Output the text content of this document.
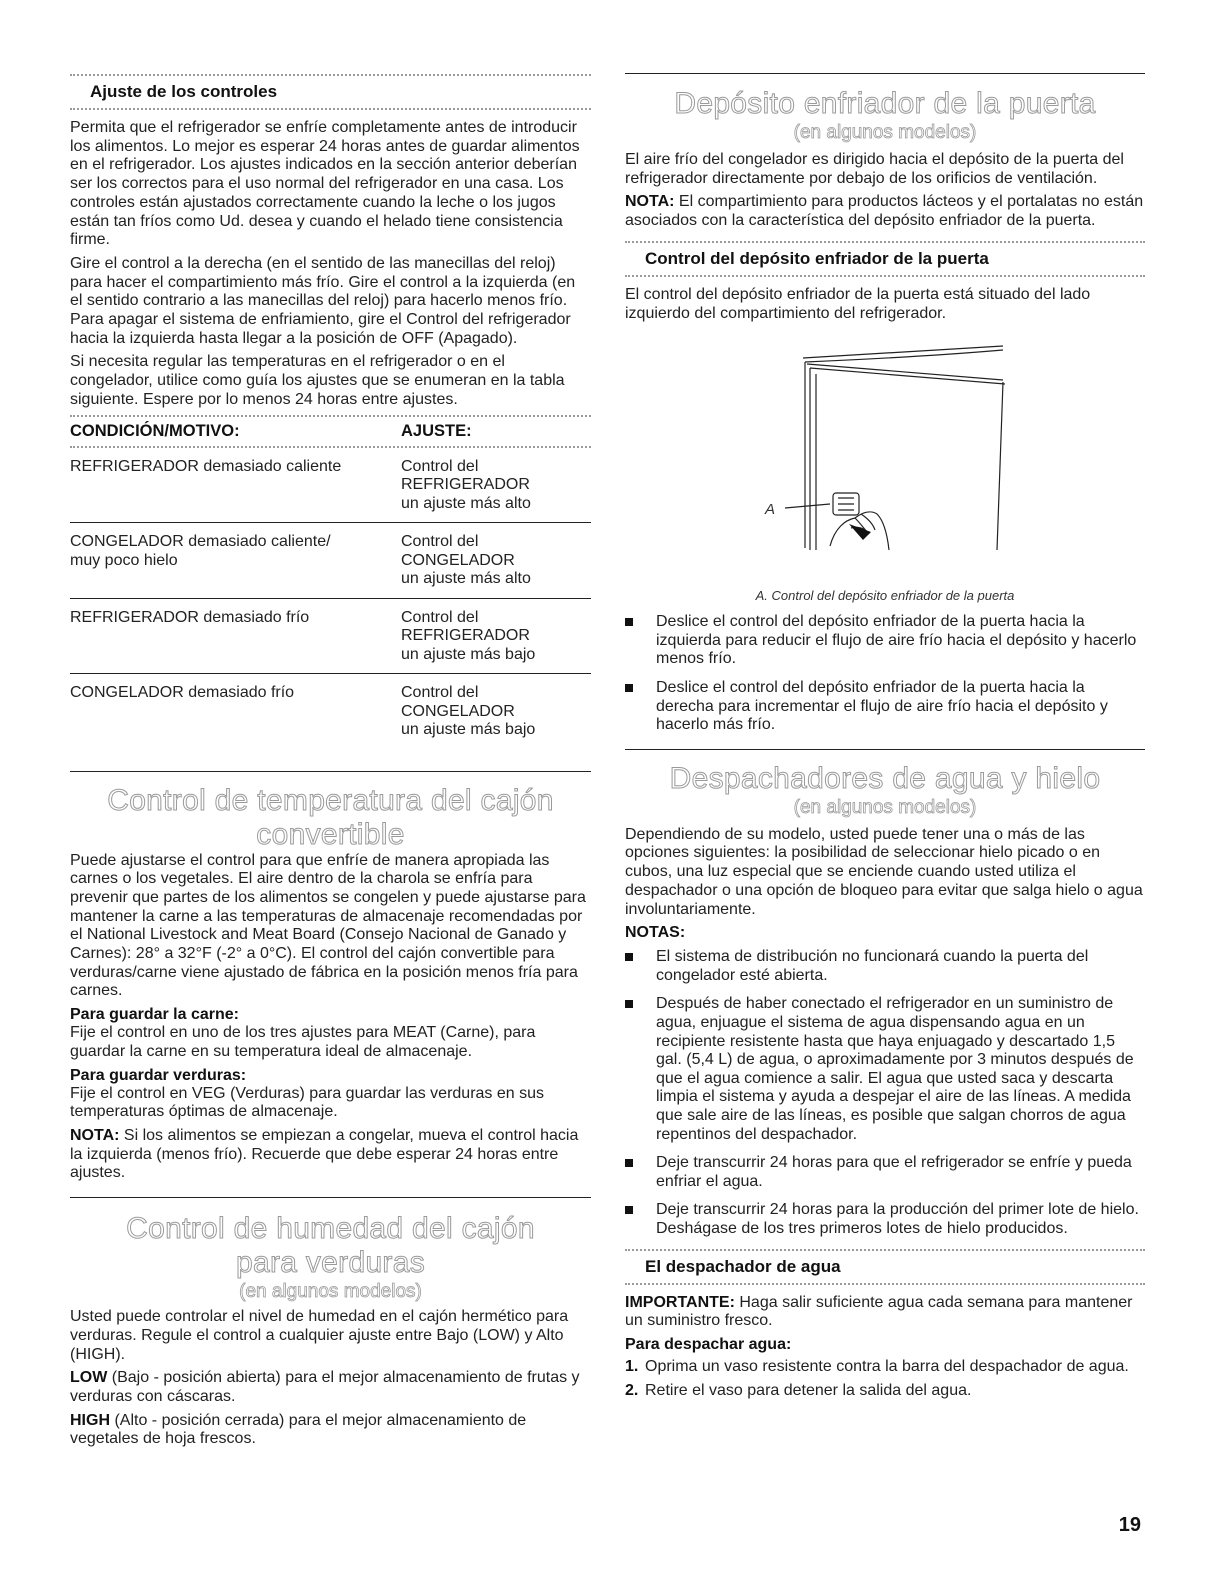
Ajuste de los controles

Permita que el refrigerador se enfríe completamente antes de introducir los alimentos. Lo mejor es esperar 24 horas antes de guardar alimentos en el refrigerador. Los ajustes indicados en la sección anterior deberían ser los correctos para el uso normal del refrigerador en una casa. Los controles están ajustados correctamente cuando la leche o los jugos están tan fríos como Ud. desea y cuando el helado tiene consistencia firme.

Gire el control a la derecha (en el sentido de las manecillas del reloj) para hacer el compartimiento más frío. Gire el control a la izquierda (en el sentido contrario a las manecillas del reloj) para hacerlo menos frío. Para apagar el sistema de enfriamiento, gire el Control del refrigerador hacia la izquierda hasta llegar a la posición de OFF (Apagado).

Si necesita regular las temperaturas en el refrigerador o en el congelador, utilice como guía los ajustes que se enumeran en la tabla siguiente. Espere por lo menos 24 horas entre ajustes.

CONDICIÓN/MOTIVO:	AJUSTE:

REFRIGERADOR demasiado caliente	Control del
REFRIGERADOR
un ajuste más alto
CONGELADOR demasiado caliente/
muy poco hielo	Control del
CONGELADOR
un ajuste más alto
REFRIGERADOR demasiado frío	Control del
REFRIGERADOR
un ajuste más bajo
CONGELADOR demasiado frío	Control del
CONGELADOR
un ajuste más bajo
Control de temperatura del cajón
convertible

Puede ajustarse el control para que enfríe de manera apropiada las carnes o los vegetales. El aire dentro de la charola se enfría para prevenir que partes de los alimentos se congelen y puede ajustarse para mantener la carne a las temperaturas de almacenaje recomendadas por el National Livestock and Meat Board (Consejo Nacional de Ganado y Carnes): 28° a 32°F (-2° a 0°C). El control del cajón convertible para verduras/carne viene ajustado de fábrica en la posición menos fría para carnes.

Para guardar la carne:

Fije el control en uno de los tres ajustes para MEAT (Carne), para guardar la carne en su temperatura ideal de almacenaje.

Para guardar verduras:

Fije el control en VEG (Verduras) para guardar las verduras en sus temperaturas óptimas de almacenaje.

NOTA: Si los alimentos se empiezan a congelar, mueva el control hacia la izquierda (menos frío). Recuerde que debe esperar 24 horas entre ajustes.

Control de humedad del cajón
para verduras
(en algunos modelos)

Usted puede controlar el nivel de humedad en el cajón hermético para verduras. Regule el control a cualquier ajuste entre Bajo (LOW) y Alto (HIGH).

LOW (Bajo - posición abierta) para el mejor almacenamiento de frutas y verduras con cáscaras.

HIGH (Alto - posición cerrada) para el mejor almacenamiento de vegetales de hoja frescos.

Depósito enfriador de la puerta
(en algunos modelos)

El aire frío del congelador es dirigido hacia el depósito de la puerta del refrigerador directamente por debajo de los orificios de ventilación.

NOTA: El compartimiento para productos lácteos y el portalatas no están asociados con la característica del depósito enfriador de la puerta.

Control del depósito enfriador de la puerta

El control del depósito enfriador de la puerta está situado del lado izquierdo del compartimiento del refrigerador.

A
A. Control del depósito enfriador de la puerta
Deslice el control del depósito enfriador de la puerta hacia la izquierda para reducir el flujo de aire frío hacia el depósito y hacerlo menos frío.
Deslice el control del depósito enfriador de la puerta hacia la derecha para incrementar el flujo de aire frío hacia el depósito y hacerlo más frío.
Despachadores de agua y hielo
(en algunos modelos)

Dependiendo de su modelo, usted puede tener una o más de las opciones siguientes: la posibilidad de seleccionar hielo picado o en cubos, una luz especial que se enciende cuando usted utiliza el despachador o una opción de bloqueo para evitar que salga hielo o agua involuntariamente.

NOTAS:
El sistema de distribución no funcionará cuando la puerta del congelador esté abierta.
Después de haber conectado el refrigerador en un suministro de agua, enjuague el sistema de agua dispensando agua en un recipiente resistente hasta que haya enjuagado y descartado 1,5 gal. (5,4 L) de agua, o aproximadamente por 3 minutos después de que el agua comience a salir. El agua que usted saca y descarta limpia el sistema y ayuda a despejar el aire de las líneas. A medida que sale aire de las líneas, es posible que salgan chorros de agua repentinos del despachador.
Deje transcurrir 24 horas para que el refrigerador se enfríe y pueda enfriar el agua.
Deje transcurrir 24 horas para la producción del primer lote de hielo. Deshágase de los tres primeros lotes de hielo producidos.
El despachador de agua

IMPORTANTE: Haga salir suficiente agua cada semana para mantener un suministro fresco.

Para despachar agua:
1. Oprima un vaso resistente contra la barra del despachador de agua.
2. Retire el vaso para detener la salida del agua.
19
